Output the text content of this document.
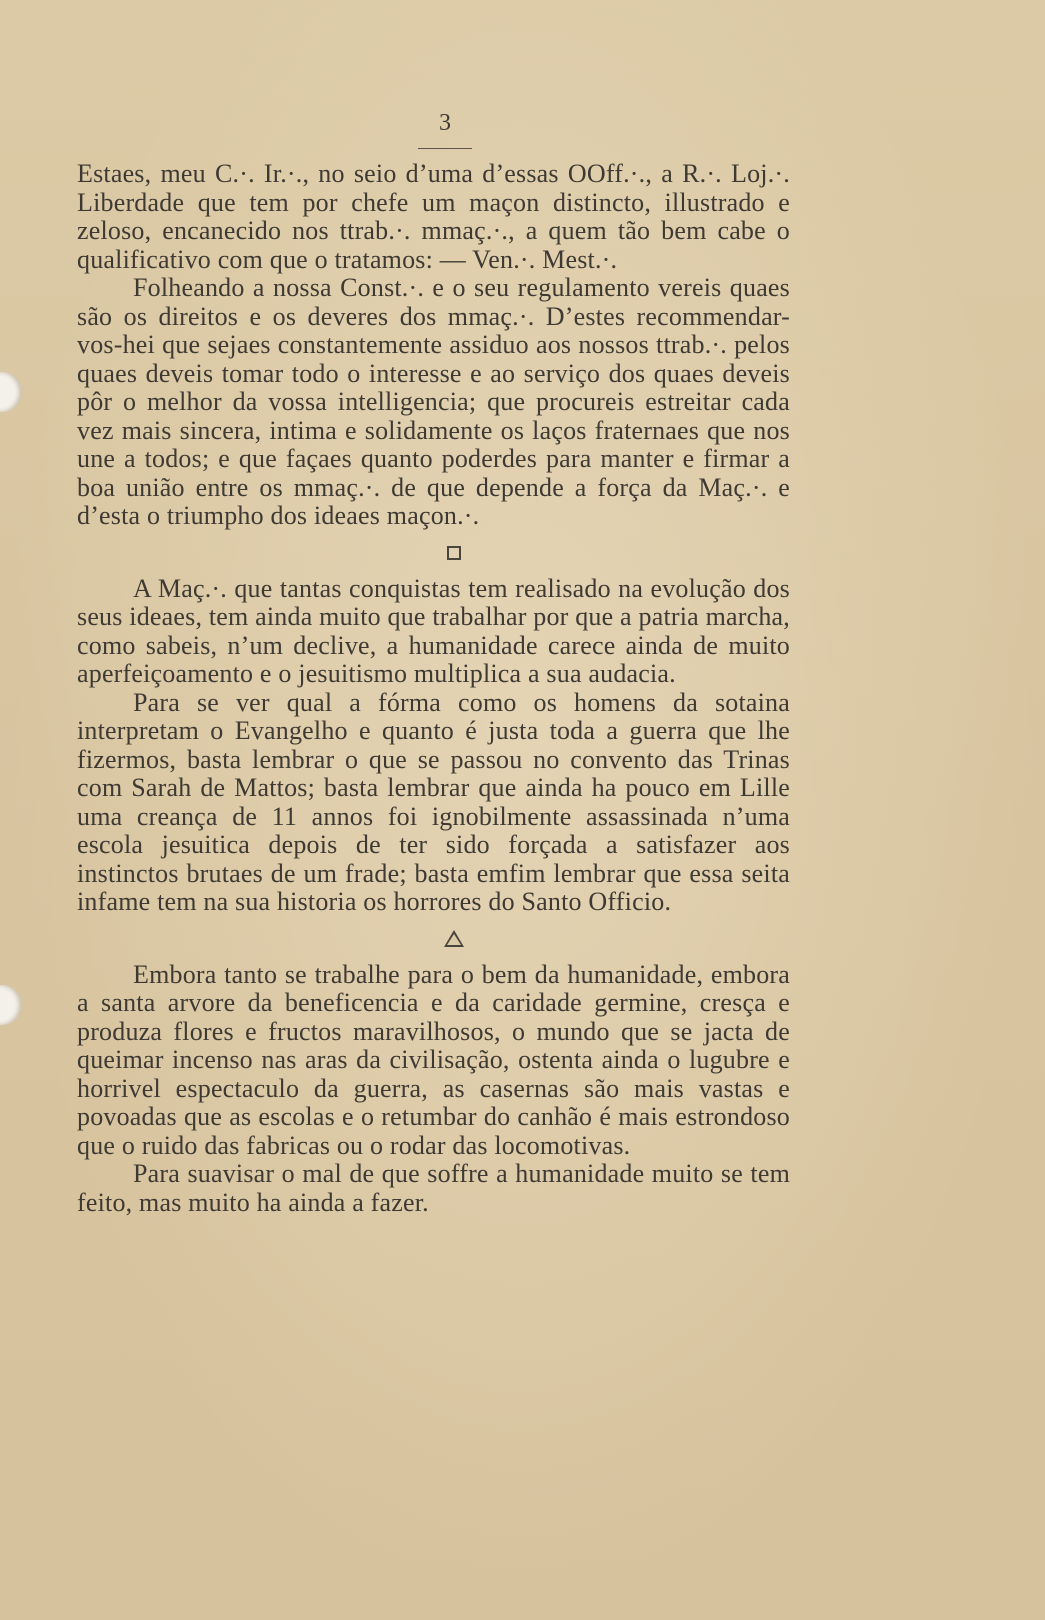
3

Estaes, meu C.·. Ir.·., no seio d’uma d’essas OOff.·., a R.·. Loj.·. Liberdade que tem por chefe um maçon distincto, illustrado e zeloso, encanecido nos ttrab.·. mmaç.·., a quem tão bem cabe o qualificativo com que o tratamos: — Ven.·. Mest.·.

Folheando a nossa Const.·. e o seu regulamento vereis quaes são os direitos e os deveres dos mmaç.·. D’estes recommendar-vos-hei que sejaes constantemente assiduo aos nossos ttrab.·. pelos quaes deveis tomar todo o interesse e ao serviço dos quaes deveis pôr o melhor da vossa intelligencia; que procureis estreitar cada vez mais sincera, intima e solidamente os laços fraternaes que nos une a todos; e que façaes quanto poderdes para manter e firmar a boa união entre os mmaç.·. de que depende a força da Maç.·. e d’esta o triumpho dos ideaes maçon.·.

A Maç.·. que tantas conquistas tem realisado na evolução dos seus ideaes, tem ainda muito que trabalhar por que a patria marcha, como sabeis, n’um declive, a humanidade carece ainda de muito aperfeiçoamento e o jesuitismo multiplica a sua audacia.

Para se ver qual a fórma como os homens da sotaina interpretam o Evangelho e quanto é justa toda a guerra que lhe fizermos, basta lembrar o que se passou no convento das Trinas com Sarah de Mattos; basta lembrar que ainda ha pouco em Lille uma creança de 11 annos foi ignobilmente assassinada n’uma escola jesuitica depois de ter sido forçada a satisfazer aos instinctos brutaes de um frade; basta emfim lembrar que essa seita infame tem na sua historia os horrores do Santo Officio.

Embora tanto se trabalhe para o bem da humanidade, embora a santa arvore da beneficencia e da caridade germine, cresça e produza flores e fructos maravilhosos, o mundo que se jacta de queimar incenso nas aras da civilisação, ostenta ainda o lugubre e horrivel espectaculo da guerra, as casernas são mais vastas e povoadas que as escolas e o retumbar do canhão é mais estrondoso que o ruido das fabricas ou o rodar das locomotivas.

Para suavisar o mal de que soffre a humanidade muito se tem feito, mas muito ha ainda a fazer.
